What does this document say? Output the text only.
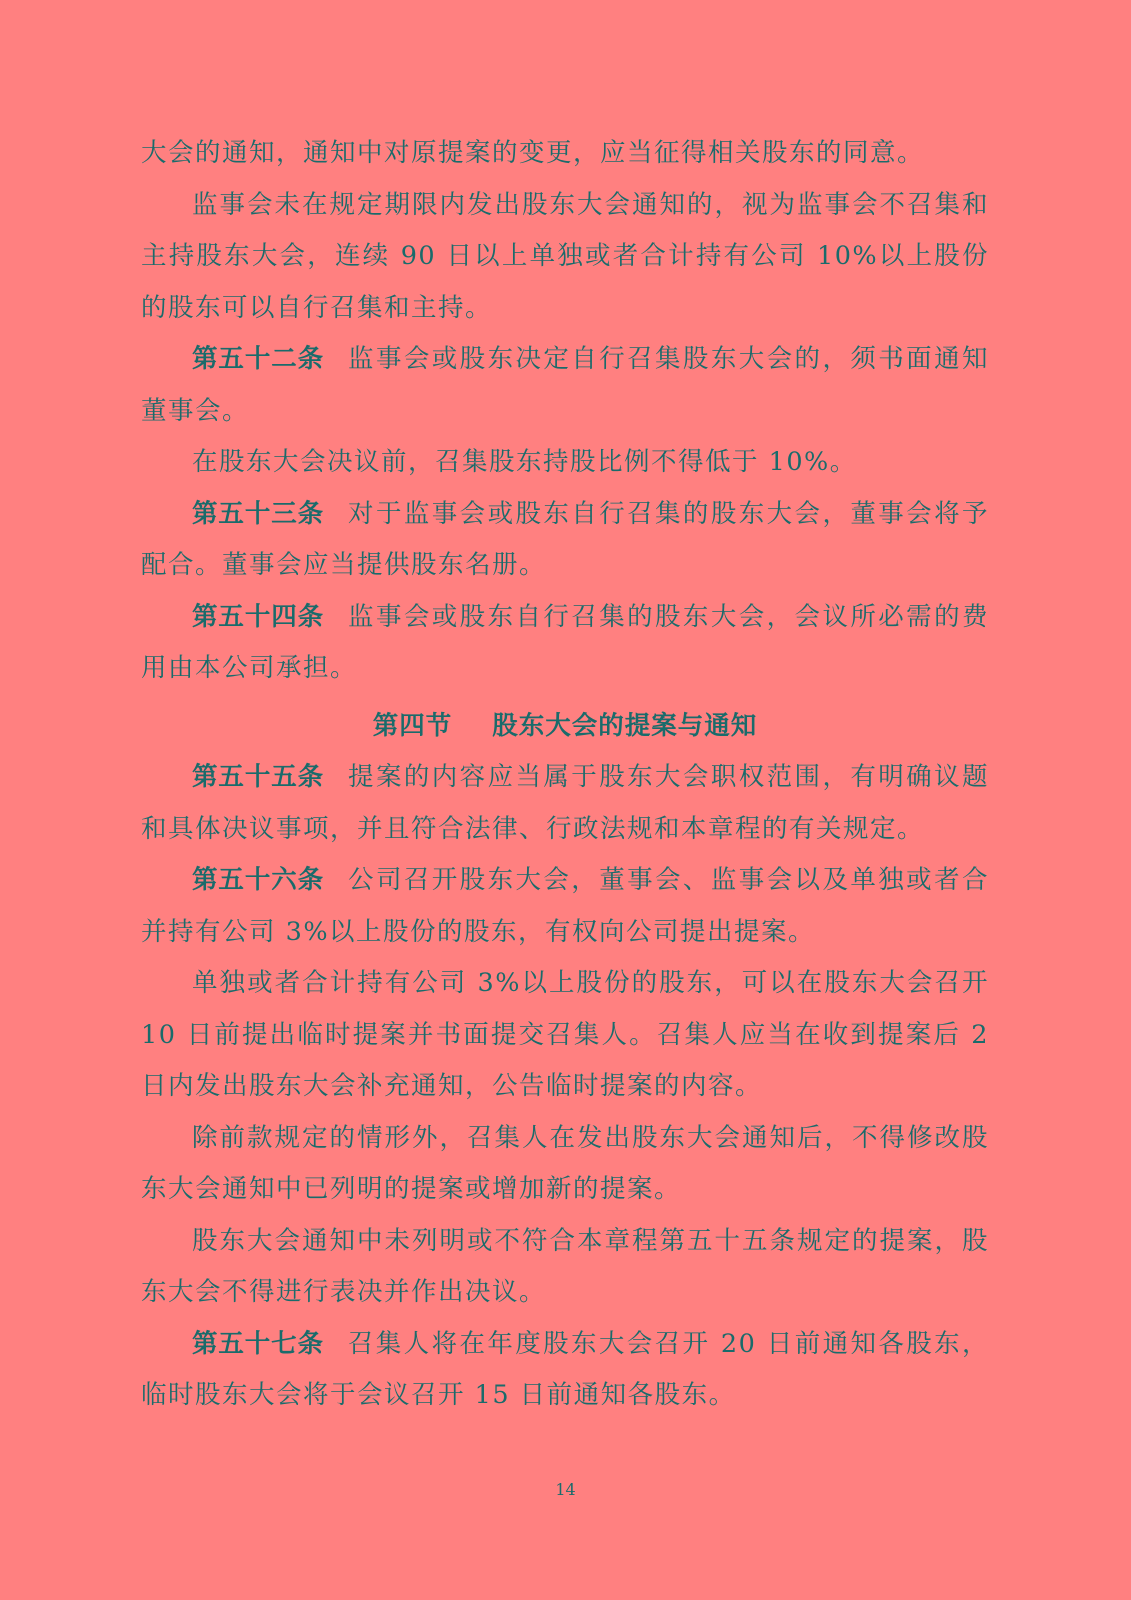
大会的通知，通知中对原提案的变更，应当征得相关股东的同意。

监事会未在规定期限内发出股东大会通知的，视为监事会不召集和主持股东大会，连续 90 日以上单独或者合计持有公司 10%以上股份的股东可以自行召集和主持。

第五十二条 监事会或股东决定自行召集股东大会的，须书面通知董事会。

在股东大会决议前，召集股东持股比例不得低于 10%。

第五十三条 对于监事会或股东自行召集的股东大会，董事会将予配合。董事会应当提供股东名册。

第五十四条 监事会或股东自行召集的股东大会，会议所必需的费用由本公司承担。

第四节 股东大会的提案与通知

第五十五条 提案的内容应当属于股东大会职权范围，有明确议题和具体决议事项，并且符合法律、行政法规和本章程的有关规定。

第五十六条 公司召开股东大会，董事会、监事会以及单独或者合并持有公司 3%以上股份的股东，有权向公司提出提案。

单独或者合计持有公司 3%以上股份的股东，可以在股东大会召开 10 日前提出临时提案并书面提交召集人。召集人应当在收到提案后 2 日内发出股东大会补充通知，公告临时提案的内容。

除前款规定的情形外，召集人在发出股东大会通知后，不得修改股东大会通知中已列明的提案或增加新的提案。

股东大会通知中未列明或不符合本章程第五十五条规定的提案，股东大会不得进行表决并作出决议。

第五十七条 召集人将在年度股东大会召开 20 日前通知各股东，临时股东大会将于会议召开 15 日前通知各股东。

14
